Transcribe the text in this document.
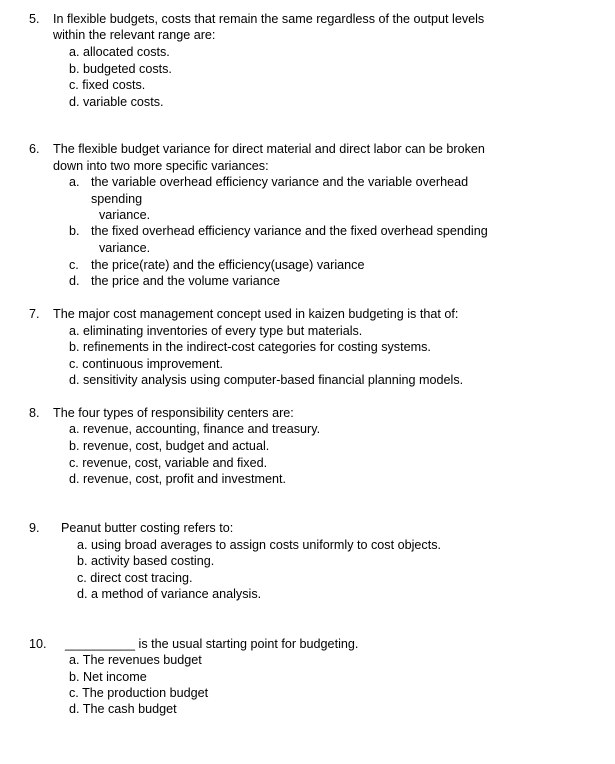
5. In flexible budgets, costs that remain the same regardless of the output levels
within the relevant range are:
a. allocated costs.
b. budgeted costs.
c. fixed costs.
d. variable costs.
6. The flexible budget variance for direct material and direct labor can be broken
down into two more specific variances:
a. the variable overhead efficiency variance and the variable overhead
spending
variance.
b. the fixed overhead efficiency variance and the fixed overhead spending
variance.
c. the price(rate) and the efficiency(usage) variance
d. the price and the volume variance
7. The major cost management concept used in kaizen budgeting is that of:
a. eliminating inventories of every type but materials.
b. refinements in the indirect-cost categories for costing systems.
c. continuous improvement.
d. sensitivity analysis using computer-based financial planning models.
8. The four types of responsibility centers are:
a. revenue, accounting, finance and treasury.
b. revenue, cost, budget and actual.
c. revenue, cost, variable and fixed.
d. revenue, cost, profit and investment.
9. Peanut butter costing refers to:
a. using broad averages to assign costs uniformly to cost objects.
b. activity based costing.
c. direct cost tracing.
d. a method of variance analysis.
10. __________ is the usual starting point for budgeting.
a. The revenues budget
b. Net income
c. The production budget
d. The cash budget
